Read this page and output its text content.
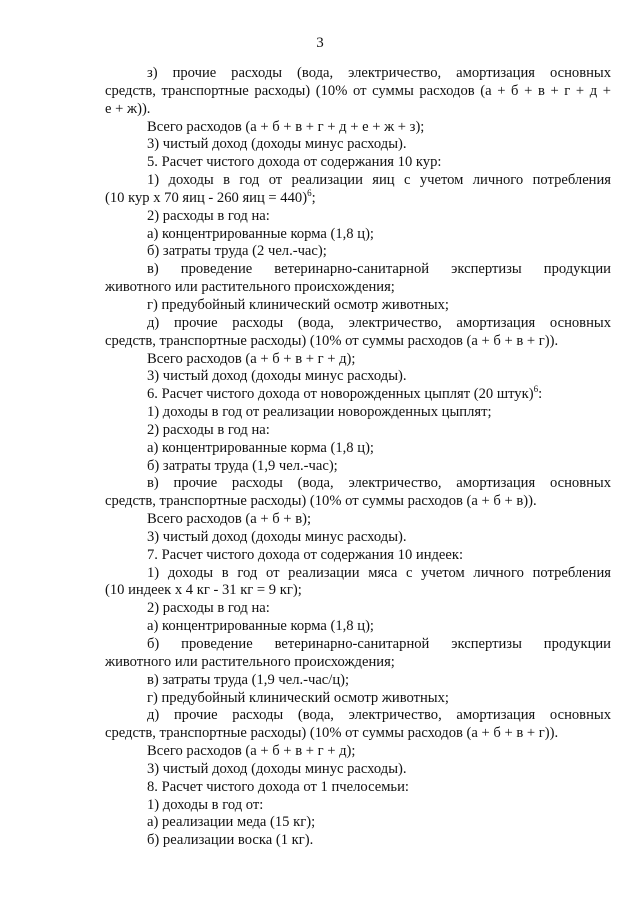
3
з) прочие расходы (вода, электричество, амортизация основных
средств, транспортные расходы) (10% от суммы расходов (а + б + в + г + д +
е + ж)).
Всего расходов (а + б + в + г + д + е + ж + з);
3) чистый доход (доходы минус расходы).
5. Расчет чистого дохода от содержания 10 кур:
1) доходы в год от реализации яиц с учетом личного потребления
(10 кур х 70 яиц - 260 яиц = 440)$^6$;
2) расходы в год на:
а) концентрированные корма (1,8 ц);
б) затраты труда (2 чел.-час);
в) проведение ветеринарно-санитарной экспертизы продукции
животного или растительного происхождения;
г) предубойный клинический осмотр животных;
д) прочие расходы (вода, электричество, амортизация основных
средств, транспортные расходы) (10% от суммы расходов (а + б + в + г)).
Всего расходов (а + б + в + г + д);
3) чистый доход (доходы минус расходы).
6. Расчет чистого дохода от новорожденных цыплят (20 штук)$^6$:
1) доходы в год от реализации новорожденных цыплят;
2) расходы в год на:
а) концентрированные корма (1,8 ц);
б) затраты труда (1,9 чел.-час);
в) прочие расходы (вода, электричество, амортизация основных
средств, транспортные расходы) (10% от суммы расходов (а + б + в)).
Всего расходов (а + б + в);
3) чистый доход (доходы минус расходы).
7. Расчет чистого дохода от содержания 10 индеек:
1) доходы в год от реализации мяса с учетом личного потребления
(10 индеек х 4 кг - 31 кг = 9 кг);
2) расходы в год на:
а) концентрированные корма (1,8 ц);
б) проведение ветеринарно-санитарной экспертизы продукции
животного или растительного происхождения;
в) затраты труда (1,9 чел.-час/ц);
г) предубойный клинический осмотр животных;
д) прочие расходы (вода, электричество, амортизация основных
средств, транспортные расходы) (10% от суммы расходов (а + б + в + г)).
Всего расходов (а + б + в + г + д);
3) чистый доход (доходы минус расходы).
8. Расчет чистого дохода от 1 пчелосемьи:
1) доходы в год от:
а) реализации меда (15 кг);
б) реализации воска (1 кг).
